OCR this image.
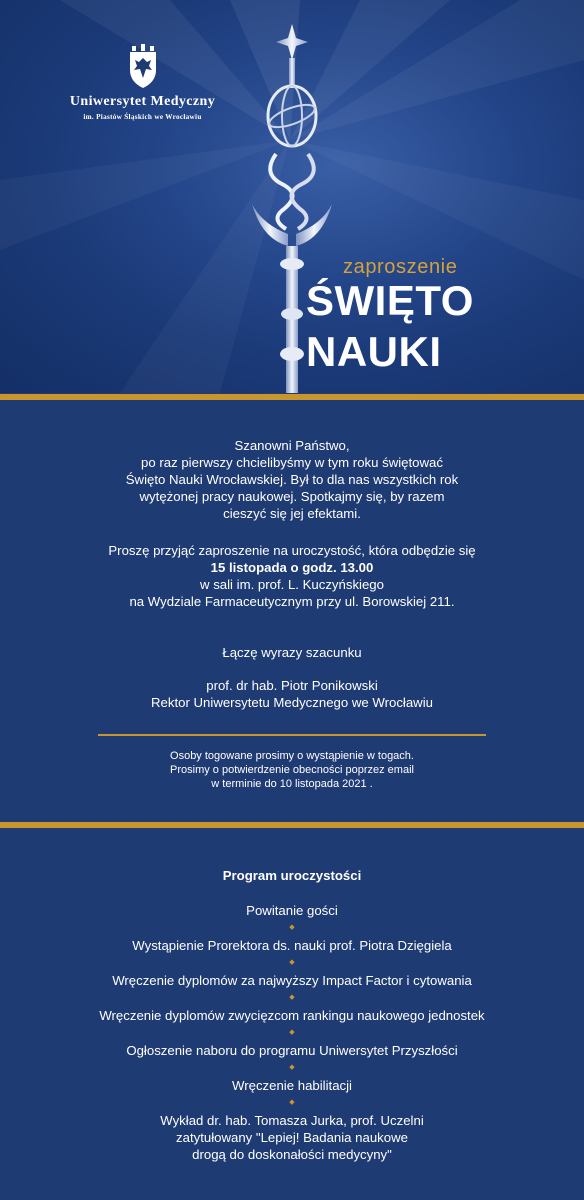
Uniwersytet Medyczny
im. Piastów Śląskich we Wrocławiu
zaproszenie
ŚWIĘTO
NAUKI

Szanowni Państwo,

po raz pierwszy chcielibyśmy w tym roku świętować

Święto Nauki Wrocławskiej. Był to dla nas wszystkich rok

wytężonej pracy naukowej. Spotkajmy się, by razem

cieszyć się jej efektami.

Proszę przyjąć zaproszenie na uroczystość, która odbędzie się

15 listopada o godz. 13.00

w sali im. prof. L. Kuczyńskiego

na Wydziale Farmaceutycznym przy ul. Borowskiej 211.

Łączę wyrazy szacunku

prof. dr hab. Piotr Ponikowski

Rektor Uniwersytetu Medycznego we Wrocławiu

Osoby togowane prosimy o wystąpienie w togach.

Prosimy o potwierdzenie obecności poprzez email

w terminie do 10 listopada 2021 .

Program uroczystości
Powitanie gości
◆
Wystąpienie Prorektora ds. nauki prof. Piotra Dzięgiela
◆
Wręczenie dyplomów za najwyższy Impact Factor i cytowania
◆
Wręczenie dyplomów zwycięzcom rankingu naukowego jednostek
◆
Ogłoszenie naboru do programu Uniwersytet Przyszłości
◆
Wręczenie habilitacji
◆
Wykład dr. hab. Tomasza Jurka, prof. Uczelni
zatytułowany "Lepiej! Badania naukowe
drogą do doskonałości medycyny"
